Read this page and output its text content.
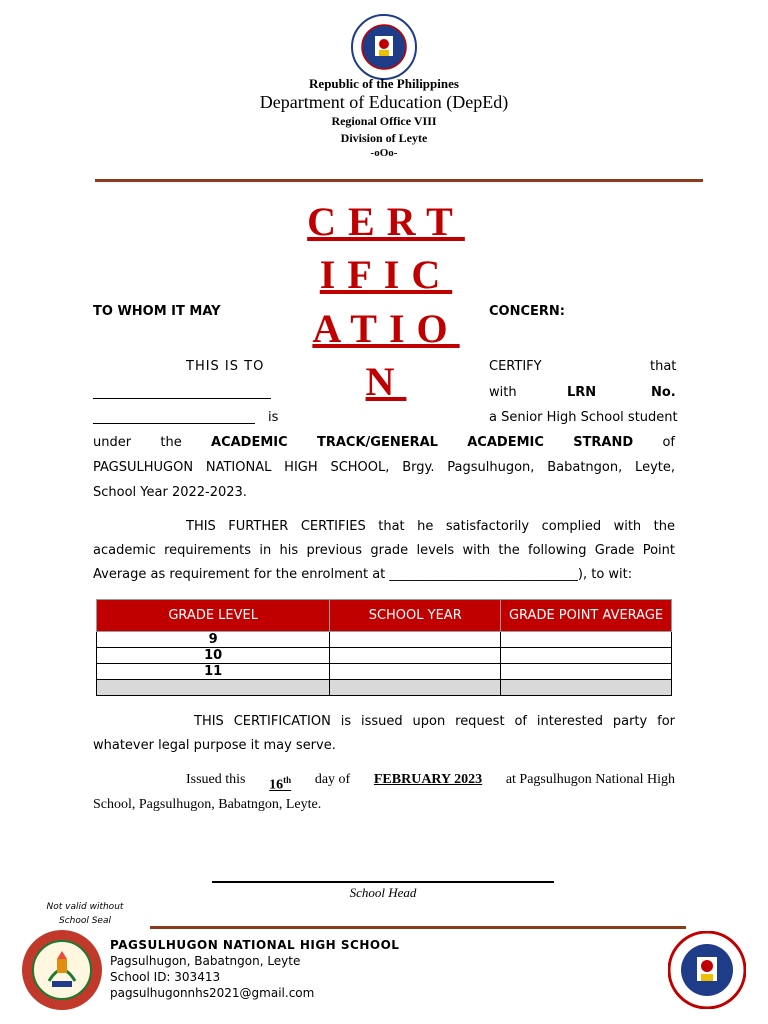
Republic of the Philippines
Department of Education (DepEd)
Regional Office VIII
Division of Leyte
-oOo-
CERT
IFIC
ATIO
N
TO WHOM IT MAY	CONCERN:
THIS IS TO	CERTIFY	that
with	LRN	No.
is	a Senior High School student
under the ACADEMIC TRACK/GENERAL ACADEMIC STRAND of
PAGSULHUGON NATIONAL HIGH SCHOOL, Brgy. Pagsulhugon, Babatngon, Leyte,
School Year 2022-2023.
THIS FURTHER CERTIFIES that he satisfactorily complied with the
academic requirements in his previous grade levels with the following Grade Point
Average as requirement for the enrolment at _____________________________), to wit:
GRADE LEVEL	SCHOOL YEAR	GRADE POINT AVERAGE
9		
10		
11		

THIS CERTIFICATION is issued upon request of interested party for
whatever legal purpose it may serve.
Issued this 16th day of FEBRUARY 2023 at Pagsulhugon National High
School, Pagsulhugon, Babatngon, Leyte.
School Head
Not valid without
School Seal
PAGSULHUGON NATIONAL HIGH SCHOOL
Pagsulhugon, Babatngon, Leyte
School ID: 303413
pagsulhugonnhs2021@gmail.com
